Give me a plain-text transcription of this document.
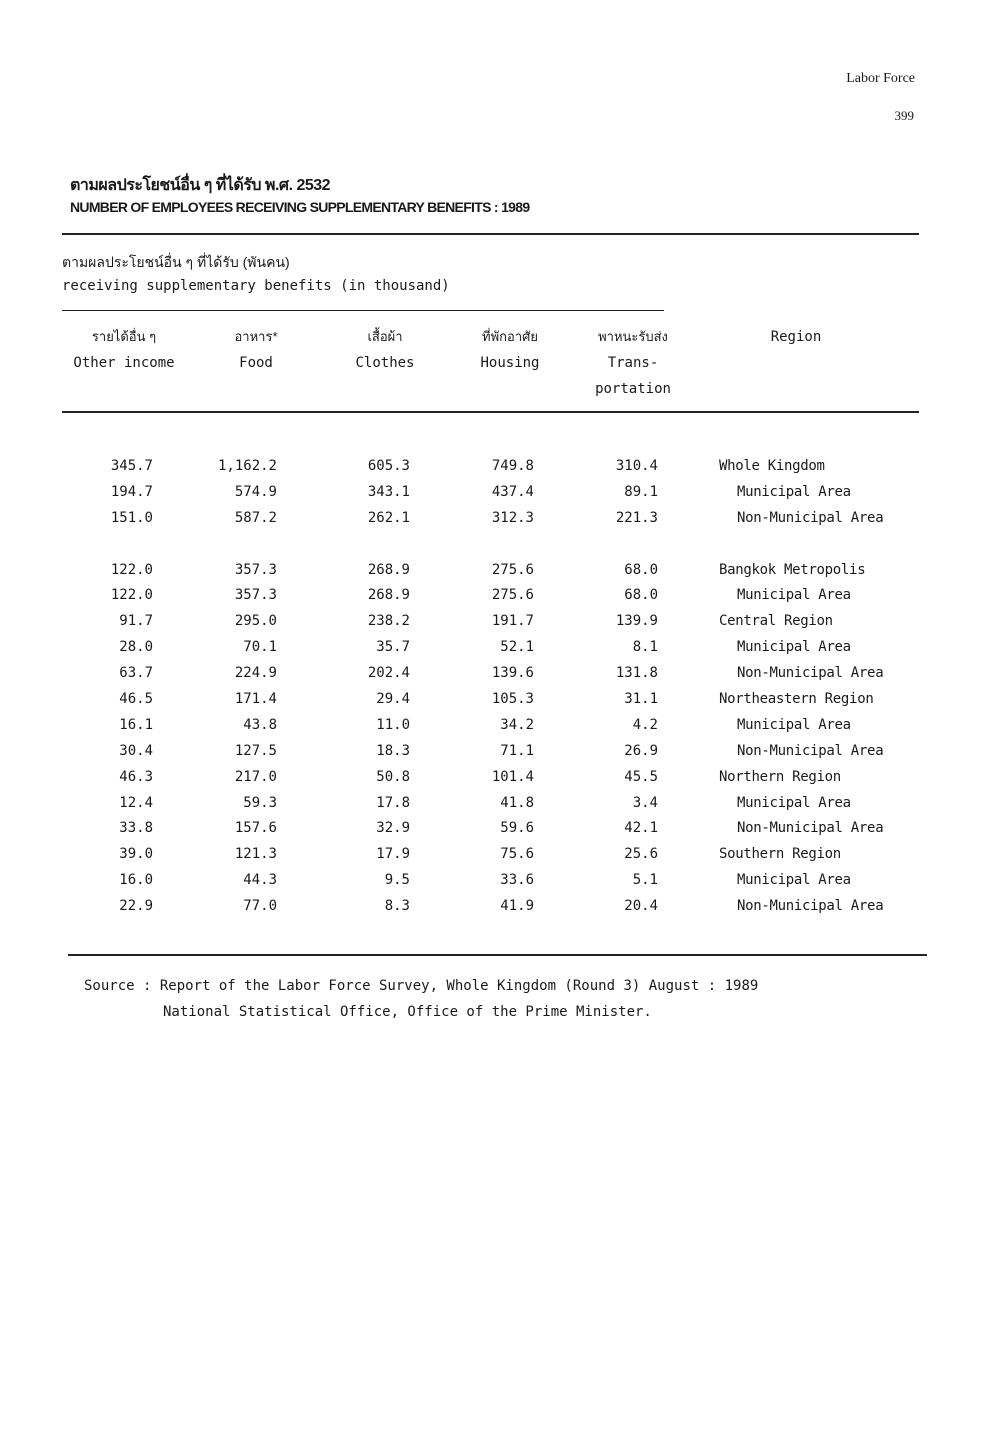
Labor Force
399
ตามผลประโยชน์อื่น ๆ ที่ได้รับ พ.ศ. 2532
NUMBER OF EMPLOYEES RECEIVING SUPPLEMENTARY BENEFITS : 1989
ตามผลประโยชน์อื่น ๆ ที่ได้รับ (พันคน)
receiving supplementary benefits (in thousand)
รายได้อื่น ๆ
Other income
อาหาร*
Food
เสื้อผ้า
Clothes
ที่พักอาศัย
Housing
พาหนะรับส่ง
Trans-
portation
Region
345.7	1,162.2	605.3	749.8	310.4	Whole Kingdom
194.7	574.9	343.1	437.4	89.1	Municipal Area
151.0	587.2	262.1	312.3	221.3	Non-Municipal Area
122.0	357.3	268.9	275.6	68.0	Bangkok Metropolis
122.0	357.3	268.9	275.6	68.0	Municipal Area
91.7	295.0	238.2	191.7	139.9	Central Region
28.0	70.1	35.7	52.1	8.1	Municipal Area
63.7	224.9	202.4	139.6	131.8	Non-Municipal Area
46.5	171.4	29.4	105.3	31.1	Northeastern Region
16.1	43.8	11.0	34.2	4.2	Municipal Area
30.4	127.5	18.3	71.1	26.9	Non-Municipal Area
46.3	217.0	50.8	101.4	45.5	Northern Region
12.4	59.3	17.8	41.8	3.4	Municipal Area
33.8	157.6	32.9	59.6	42.1	Non-Municipal Area
39.0	121.3	17.9	75.6	25.6	Southern Region
16.0	44.3	9.5	33.6	5.1	Municipal Area
22.9	77.0	8.3	41.9	20.4	Non-Municipal Area
Source : Report of the Labor Force Survey, Whole Kingdom (Round 3) August : 1989
National Statistical Office, Office of the Prime Minister.
